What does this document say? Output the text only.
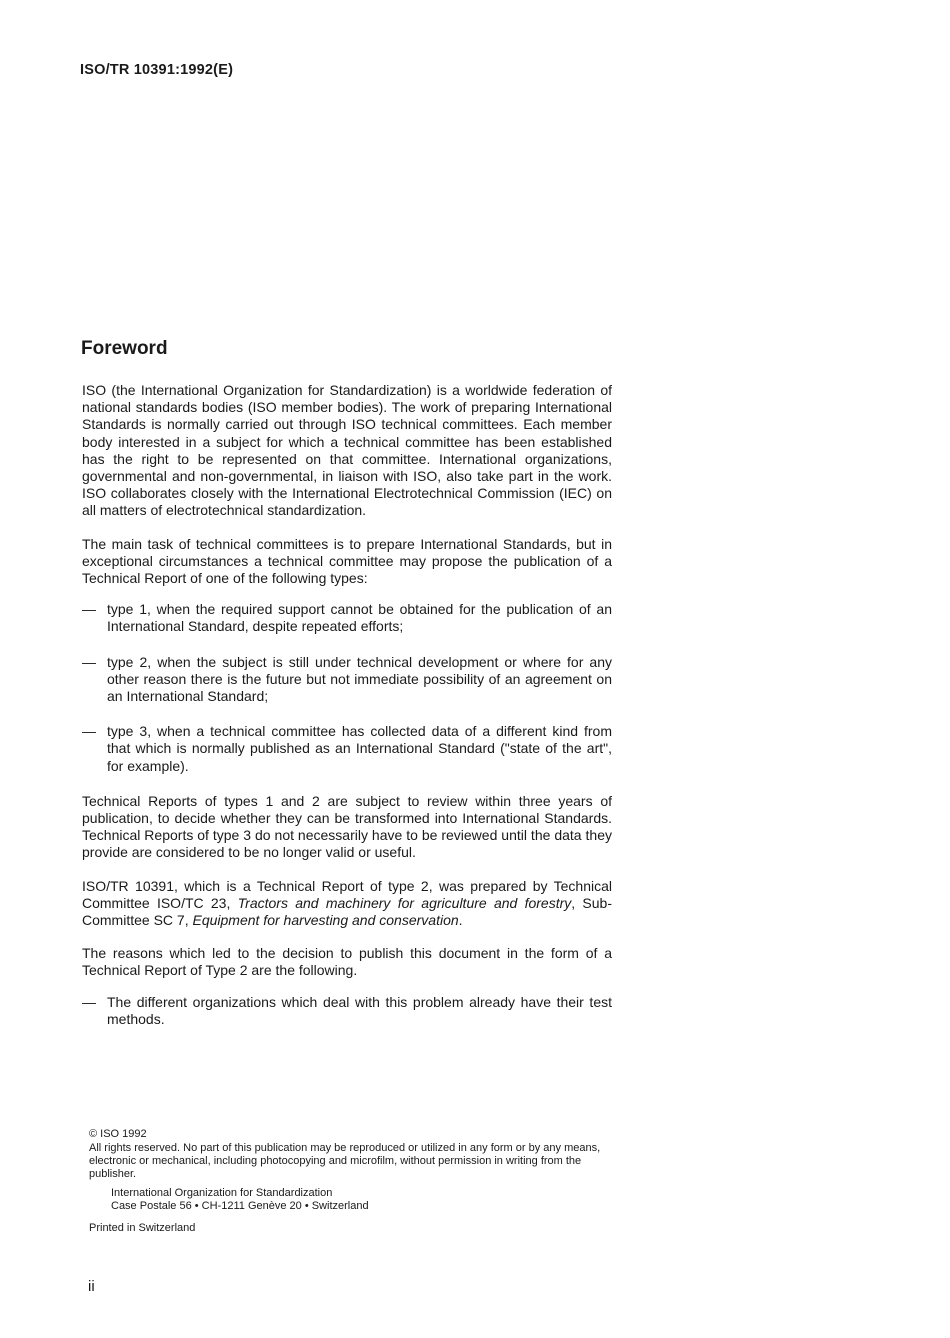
ISO/TR 10391:1992(E)
Foreword

ISO (the International Organization for Standardization) is a worldwide federation of national standards bodies (ISO member bodies). The work of preparing International Standards is normally carried out through ISO technical committees. Each member body interested in a subject for which a technical committee has been established has the right to be represented on that committee. International organizations, governmental and non-governmental, in liaison with ISO, also take part in the work. ISO collaborates closely with the International Electrotechnical Commission (IEC) on all matters of electrotechnical standardization.

The main task of technical committees is to prepare International Standards, but in exceptional circumstances a technical committee may propose the publication of a Technical Report of one of the following types:

— type 1, when the required support cannot be obtained for the publication of an International Standard, despite repeated efforts;
— type 2, when the subject is still under technical development or where for any other reason there is the future but not immediate possibility of an agreement on an International Standard;
— type 3, when a technical committee has collected data of a different kind from that which is normally published as an International Standard ("state of the art", for example).

Technical Reports of types 1 and 2 are subject to review within three years of publication, to decide whether they can be transformed into International Standards. Technical Reports of type 3 do not necessarily have to be reviewed until the data they provide are considered to be no longer valid or useful.

ISO/TR 10391, which is a Technical Report of type 2, was prepared by Technical Committee ISO/TC 23, Tractors and machinery for agriculture and forestry, Sub-Committee SC 7, Equipment for harvesting and conservation.

The reasons which led to the decision to publish this document in the form of a Technical Report of Type 2 are the following.

— The different organizations which deal with this problem already have their test methods.
© ISO 1992
All rights reserved. No part of this publication may be reproduced or utilized in any form or by any means, electronic or mechanical, including photocopying and microfilm, without permission in writing from the publisher.
International Organization for Standardization
Case Postale 56 • CH-1211 Genève 20 • Switzerland
Printed in Switzerland
ii
